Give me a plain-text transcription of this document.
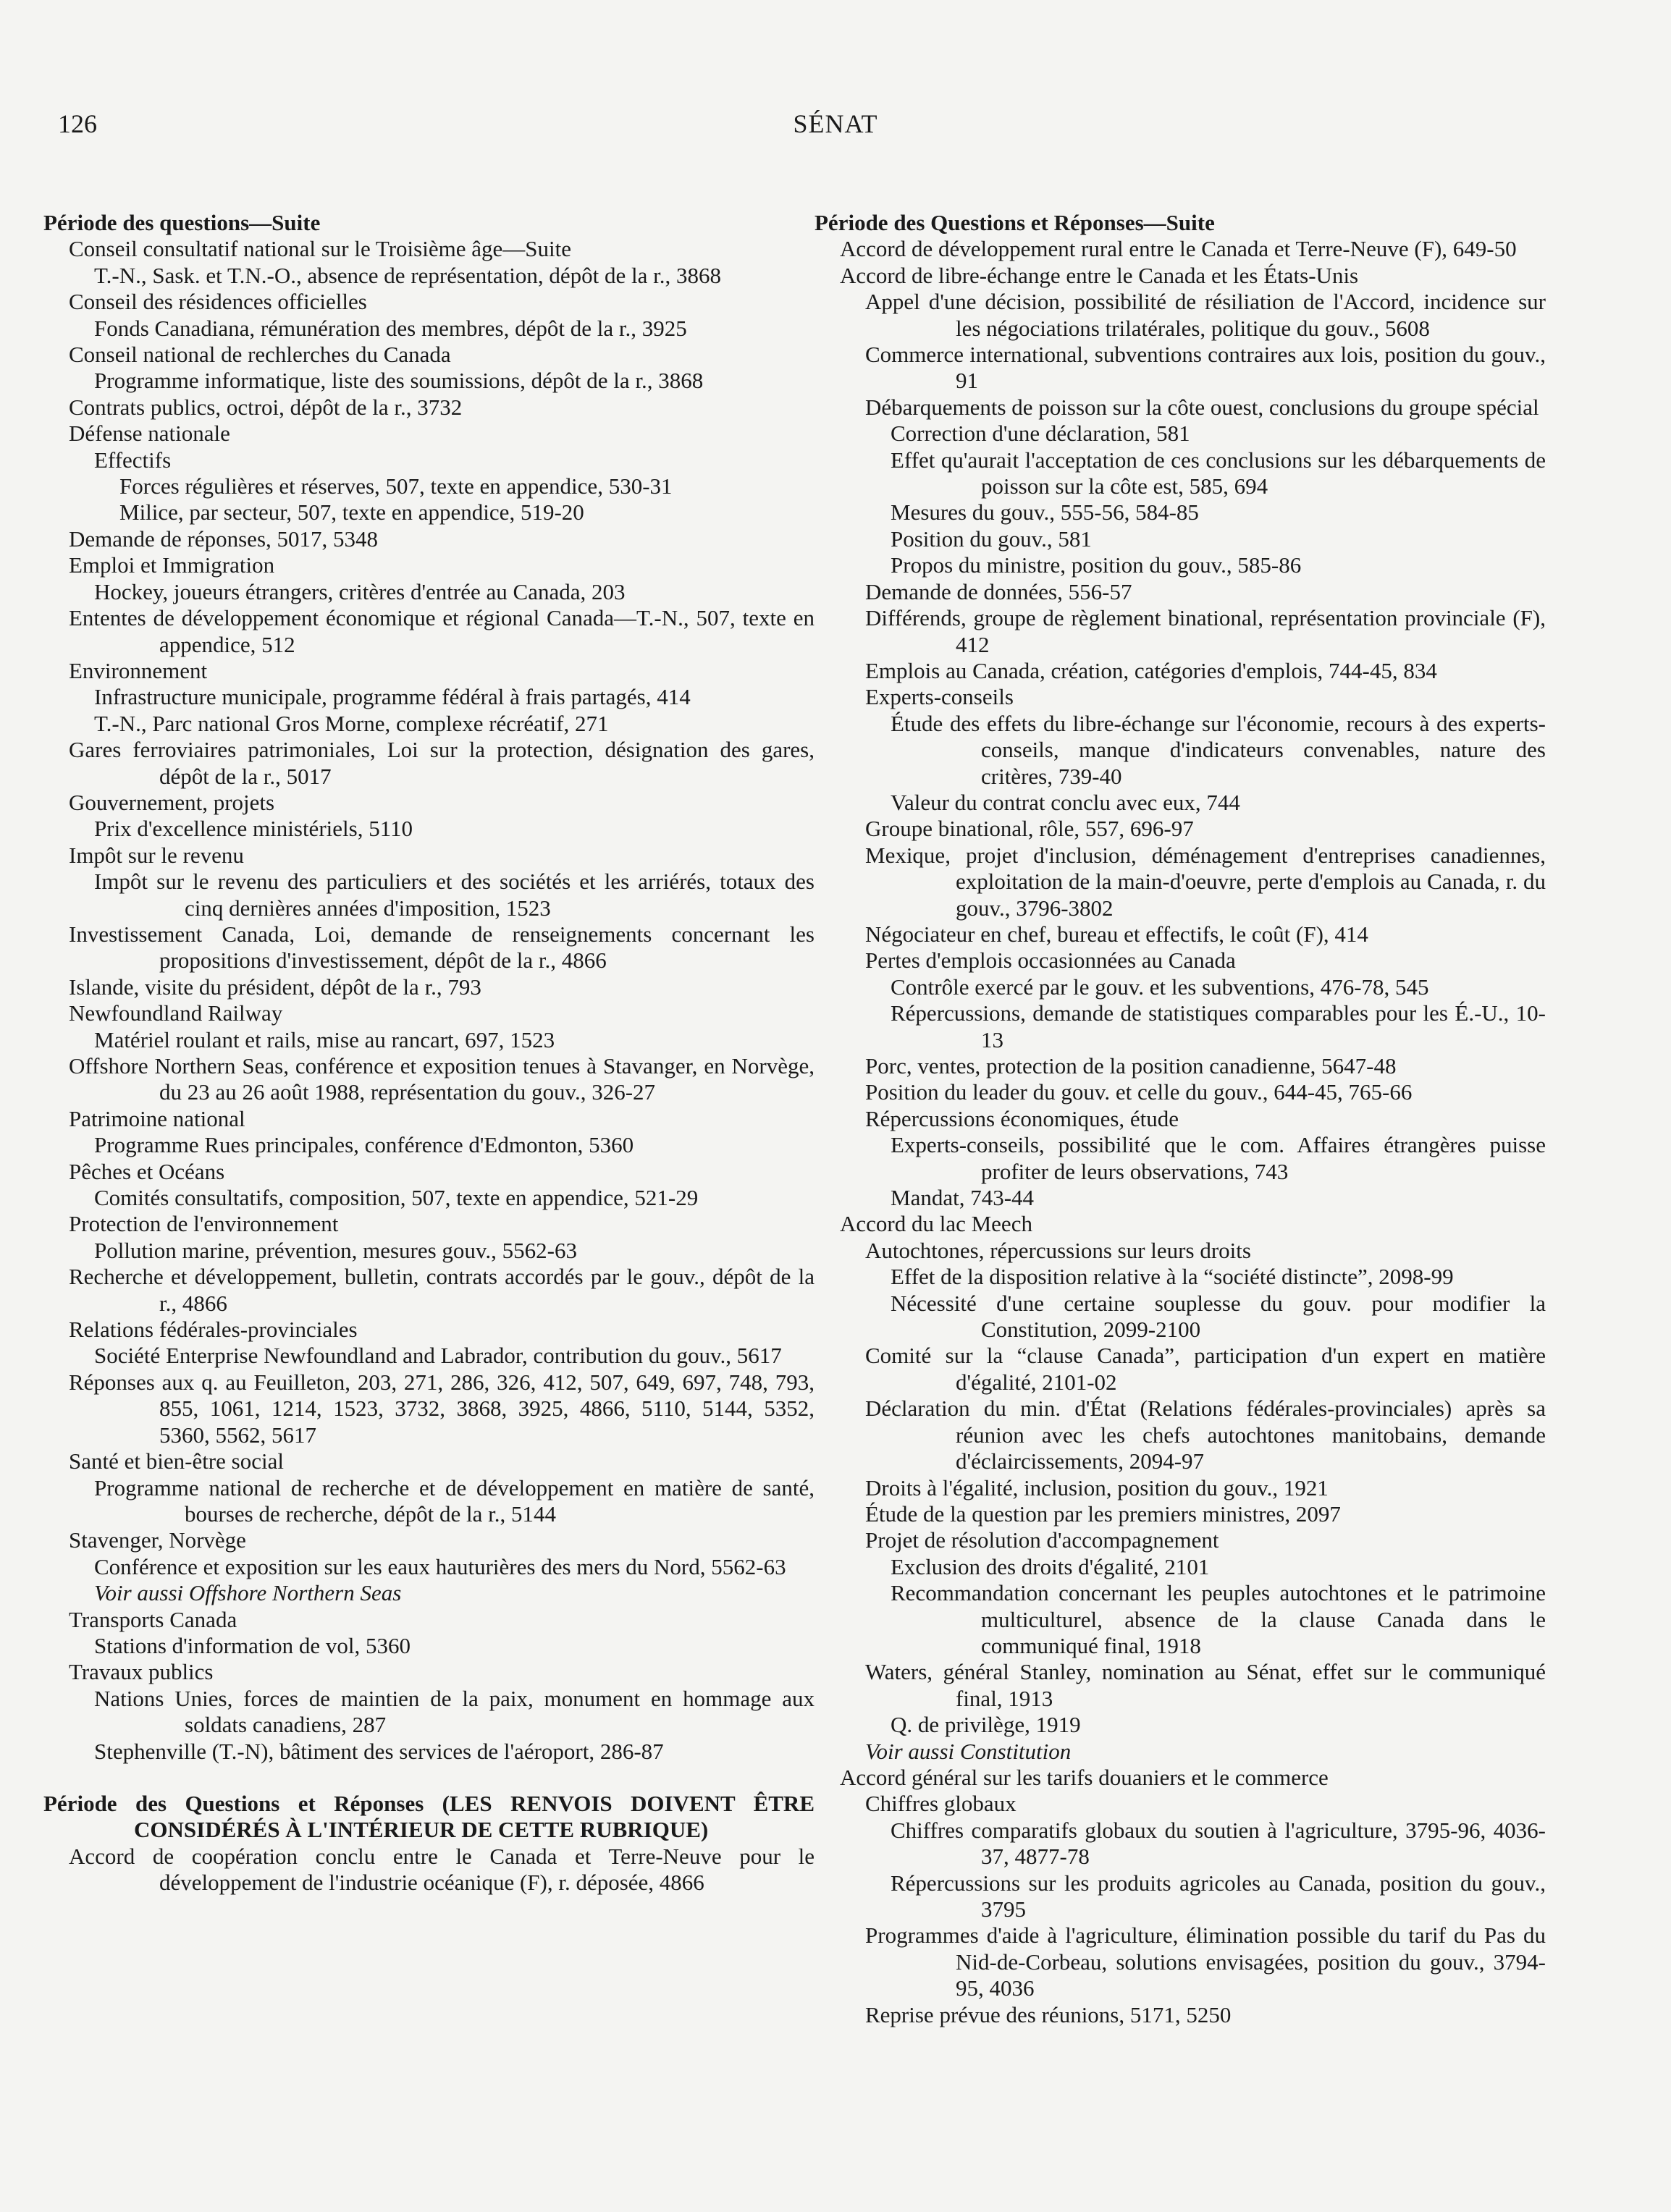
126	SÉNAT
Période des questions—Suite
Conseil consultatif national sur le Troisième âge—Suite
T.-N., Sask. et T.N.-O., absence de représentation, dépôt de la r., 3868
Conseil des résidences officielles
Fonds Canadiana, rémunération des membres, dépôt de la r., 3925
Conseil national de rechlerches du Canada
Programme informatique, liste des soumissions, dépôt de la r., 3868
Contrats publics, octroi, dépôt de la r., 3732
Défense nationale
Effectifs
Forces régulières et réserves, 507, texte en appendice, 530-31
Milice, par secteur, 507, texte en appendice, 519-20
Demande de réponses, 5017, 5348
Emploi et Immigration
Hockey, joueurs étrangers, critères d'entrée au Canada, 203
Ententes de développement économique et régional Canada—T.-N., 507, texte en appendice, 512
Environnement
Infrastructure municipale, programme fédéral à frais partagés, 414
T.-N., Parc national Gros Morne, complexe récréatif, 271
Gares ferroviaires patrimoniales, Loi sur la protection, désignation des gares, dépôt de la r., 5017
Gouvernement, projets
Prix d'excellence ministériels, 5110
Impôt sur le revenu
Impôt sur le revenu des particuliers et des sociétés et les arriérés, totaux des cinq dernières années d'imposition, 1523
Investissement Canada, Loi, demande de renseignements concernant les propositions d'investissement, dépôt de la r., 4866
Islande, visite du président, dépôt de la r., 793
Newfoundland Railway
Matériel roulant et rails, mise au rancart, 697, 1523
Offshore Northern Seas, conférence et exposition tenues à Stavanger, en Norvège, du 23 au 26 août 1988, représentation du gouv., 326-27
Patrimoine national
Programme Rues principales, conférence d'Edmonton, 5360
Pêches et Océans
Comités consultatifs, composition, 507, texte en appendice, 521-29
Protection de l'environnement
Pollution marine, prévention, mesures gouv., 5562-63
Recherche et développement, bulletin, contrats accordés par le gouv., dépôt de la r., 4866
Relations fédérales-provinciales
Société Enterprise Newfoundland and Labrador, contribution du gouv., 5617
Réponses aux q. au Feuilleton, 203, 271, 286, 326, 412, 507, 649, 697, 748, 793, 855, 1061, 1214, 1523, 3732, 3868, 3925, 4866, 5110, 5144, 5352, 5360, 5562, 5617
Santé et bien-être social
Programme national de recherche et de développement en matière de santé, bourses de recherche, dépôt de la r., 5144
Stavenger, Norvège
Conférence et exposition sur les eaux hauturières des mers du Nord, 5562-63
Voir aussi Offshore Northern Seas
Transports Canada
Stations d'information de vol, 5360
Travaux publics
Nations Unies, forces de maintien de la paix, monument en hommage aux soldats canadiens, 287
Stephenville (T.-N), bâtiment des services de l'aéroport, 286-87
Période des Questions et Réponses (LES RENVOIS DOIVENT ÊTRE CONSIDÉRÉS À L'INTÉRIEUR DE CETTE RUBRIQUE)
Accord de coopération conclu entre le Canada et Terre-Neuve pour le développement de l'industrie océanique (F), r. déposée, 4866
Période des Questions et Réponses—Suite
Accord de développement rural entre le Canada et Terre-Neuve (F), 649-50
Accord de libre-échange entre le Canada et les États-Unis
Appel d'une décision, possibilité de résiliation de l'Accord, incidence sur les négociations trilatérales, politique du gouv., 5608
Commerce international, subventions contraires aux lois, position du gouv., 91
Débarquements de poisson sur la côte ouest, conclusions du groupe spécial
Correction d'une déclaration, 581
Effet qu'aurait l'acceptation de ces conclusions sur les débarquements de poisson sur la côte est, 585, 694
Mesures du gouv., 555-56, 584-85
Position du gouv., 581
Propos du ministre, position du gouv., 585-86
Demande de données, 556-57
Différends, groupe de règlement binational, représentation provinciale (F), 412
Emplois au Canada, création, catégories d'emplois, 744-45, 834
Experts-conseils
Étude des effets du libre-échange sur l'économie, recours à des experts-conseils, manque d'indicateurs convenables, nature des critères, 739-40
Valeur du contrat conclu avec eux, 744
Groupe binational, rôle, 557, 696-97
Mexique, projet d'inclusion, déménagement d'entreprises canadiennes, exploitation de la main-d'oeuvre, perte d'emplois au Canada, r. du gouv., 3796-3802
Négociateur en chef, bureau et effectifs, le coût (F), 414
Pertes d'emplois occasionnées au Canada
Contrôle exercé par le gouv. et les subventions, 476-78, 545
Répercussions, demande de statistiques comparables pour les É.-U., 10-13
Porc, ventes, protection de la position canadienne, 5647-48
Position du leader du gouv. et celle du gouv., 644-45, 765-66
Répercussions économiques, étude
Experts-conseils, possibilité que le com. Affaires étrangères puisse profiter de leurs observations, 743
Mandat, 743-44
Accord du lac Meech
Autochtones, répercussions sur leurs droits
Effet de la disposition relative à la “société distincte”, 2098-99
Nécessité d'une certaine souplesse du gouv. pour modifier la Constitution, 2099-2100
Comité sur la “clause Canada”, participation d'un expert en matière d'égalité, 2101-02
Déclaration du min. d'État (Relations fédérales-provinciales) après sa réunion avec les chefs autochtones manitobains, demande d'éclaircissements, 2094-97
Droits à l'égalité, inclusion, position du gouv., 1921
Étude de la question par les premiers ministres, 2097
Projet de résolution d'accompagnement
Exclusion des droits d'égalité, 2101
Recommandation concernant les peuples autochtones et le patrimoine multiculturel, absence de la clause Canada dans le communiqué final, 1918
Waters, général Stanley, nomination au Sénat, effet sur le communiqué final, 1913
Q. de privilège, 1919
Voir aussi Constitution
Accord général sur les tarifs douaniers et le commerce
Chiffres globaux
Chiffres comparatifs globaux du soutien à l'agriculture, 3795-96, 4036-37, 4877-78
Répercussions sur les produits agricoles au Canada, position du gouv., 3795
Programmes d'aide à l'agriculture, élimination possible du tarif du Pas du Nid-de-Corbeau, solutions envisagées, position du gouv., 3794-95, 4036
Reprise prévue des réunions, 5171, 5250
